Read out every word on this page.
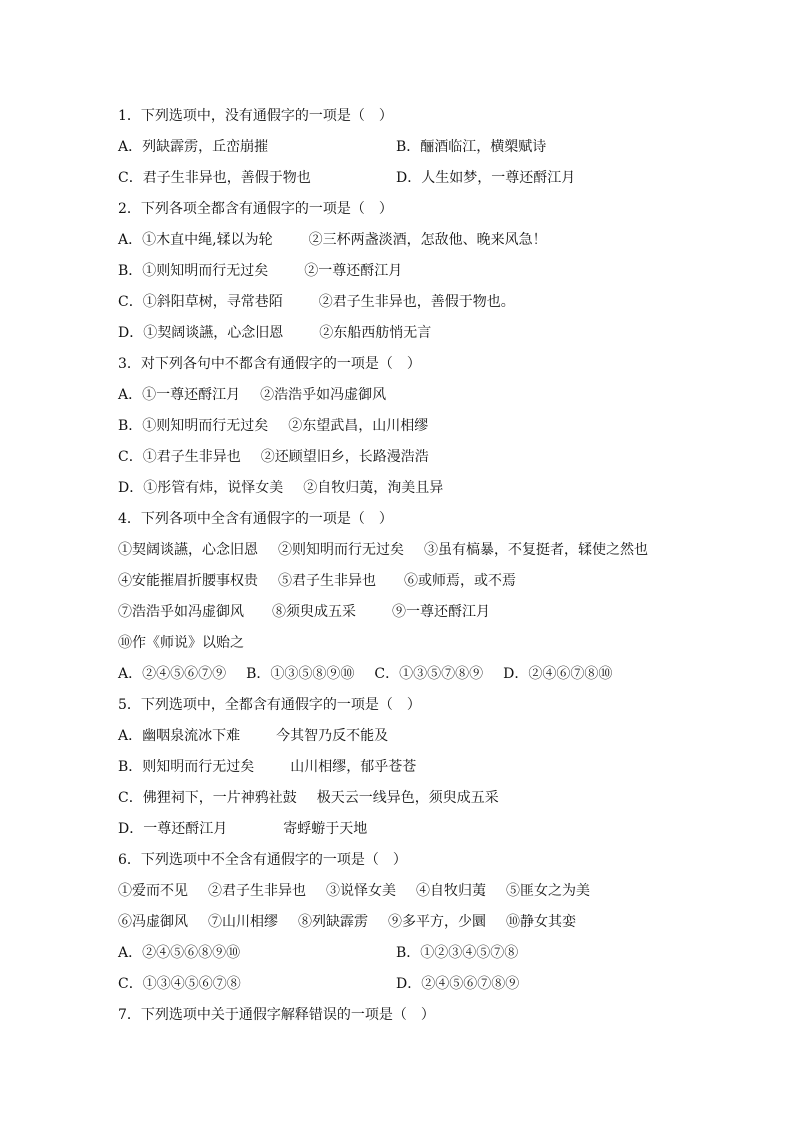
1．下列选项中，没有通假字的一项是（　）
A．列缺霹雳，丘峦崩摧	B．酾酒临江，横槊赋诗
C．君子生非异也，善假于物也	D．人生如梦，一尊还酹江月
2．下列各项全都含有通假字的一项是（　）
A．①木直中绳,𫐓以为轮	②三杯两盏淡酒，怎敌他、晚来风急！
B．①则知明而行无过矣	②一尊还酹江月
C．①斜阳草树，寻常巷陌	②君子生非异也，善假于物也。
D．①契阔谈讌，心念旧恩	②东船西舫悄无言
3．对下列各句中不都含有通假字的一项是（　）
A．①一尊还酹江月 ②浩浩乎如冯虚御风
B．①则知明而行无过矣 ②东望武昌，山川相缪
C．①君子生非异也 ②还顾望旧乡，长路漫浩浩
D．①彤管有炜，说怿女美 ②自牧归荑，洵美且异
4．下列各项中全含有通假字的一项是（　）
①契阔谈讌，心念旧恩 ②则知明而行无过矣 ③虽有槁暴，不复挺者，𫐓使之然也
④安能摧眉折腰事权贵 ⑤君子生非异也 ⑥或师焉，或不焉
⑦浩浩乎如冯虚御风 ⑧须臾成五采	⑨一尊还酹江月
⑩作《师说》以贻之
A．②④⑤⑥⑦⑨ B．①③⑤⑧⑨⑩ C．①③⑤⑦⑧⑨ D．②④⑥⑦⑧⑩
5．下列选项中，全都含有通假字的一项是（　）
A．幽咽泉流冰下难	今其智乃反不能及
B．则知明而行无过矣	山川相缪，郁乎苍苍
C．佛狸祠下，一片神鸦社鼓 极天云一线异色，须臾成五采
D．一尊还酹江月	寄蜉蝣于天地
6．下列选项中不全含有通假字的一项是（　）
①爱而不见 ②君子生非异也 ③说怿女美 ④自牧归荑 ⑤匪女之为美
⑥冯虚御风 ⑦山川相缪 ⑧列缺霹雳 ⑨多平方，少圜 ⑩静女其娈
A．②④⑤⑥⑧⑨⑩	B．①②③④⑤⑦⑧
C．①③④⑤⑥⑦⑧	D．②④⑤⑥⑦⑧⑨
7．下列选项中关于通假字解释错误的一项是（　）
